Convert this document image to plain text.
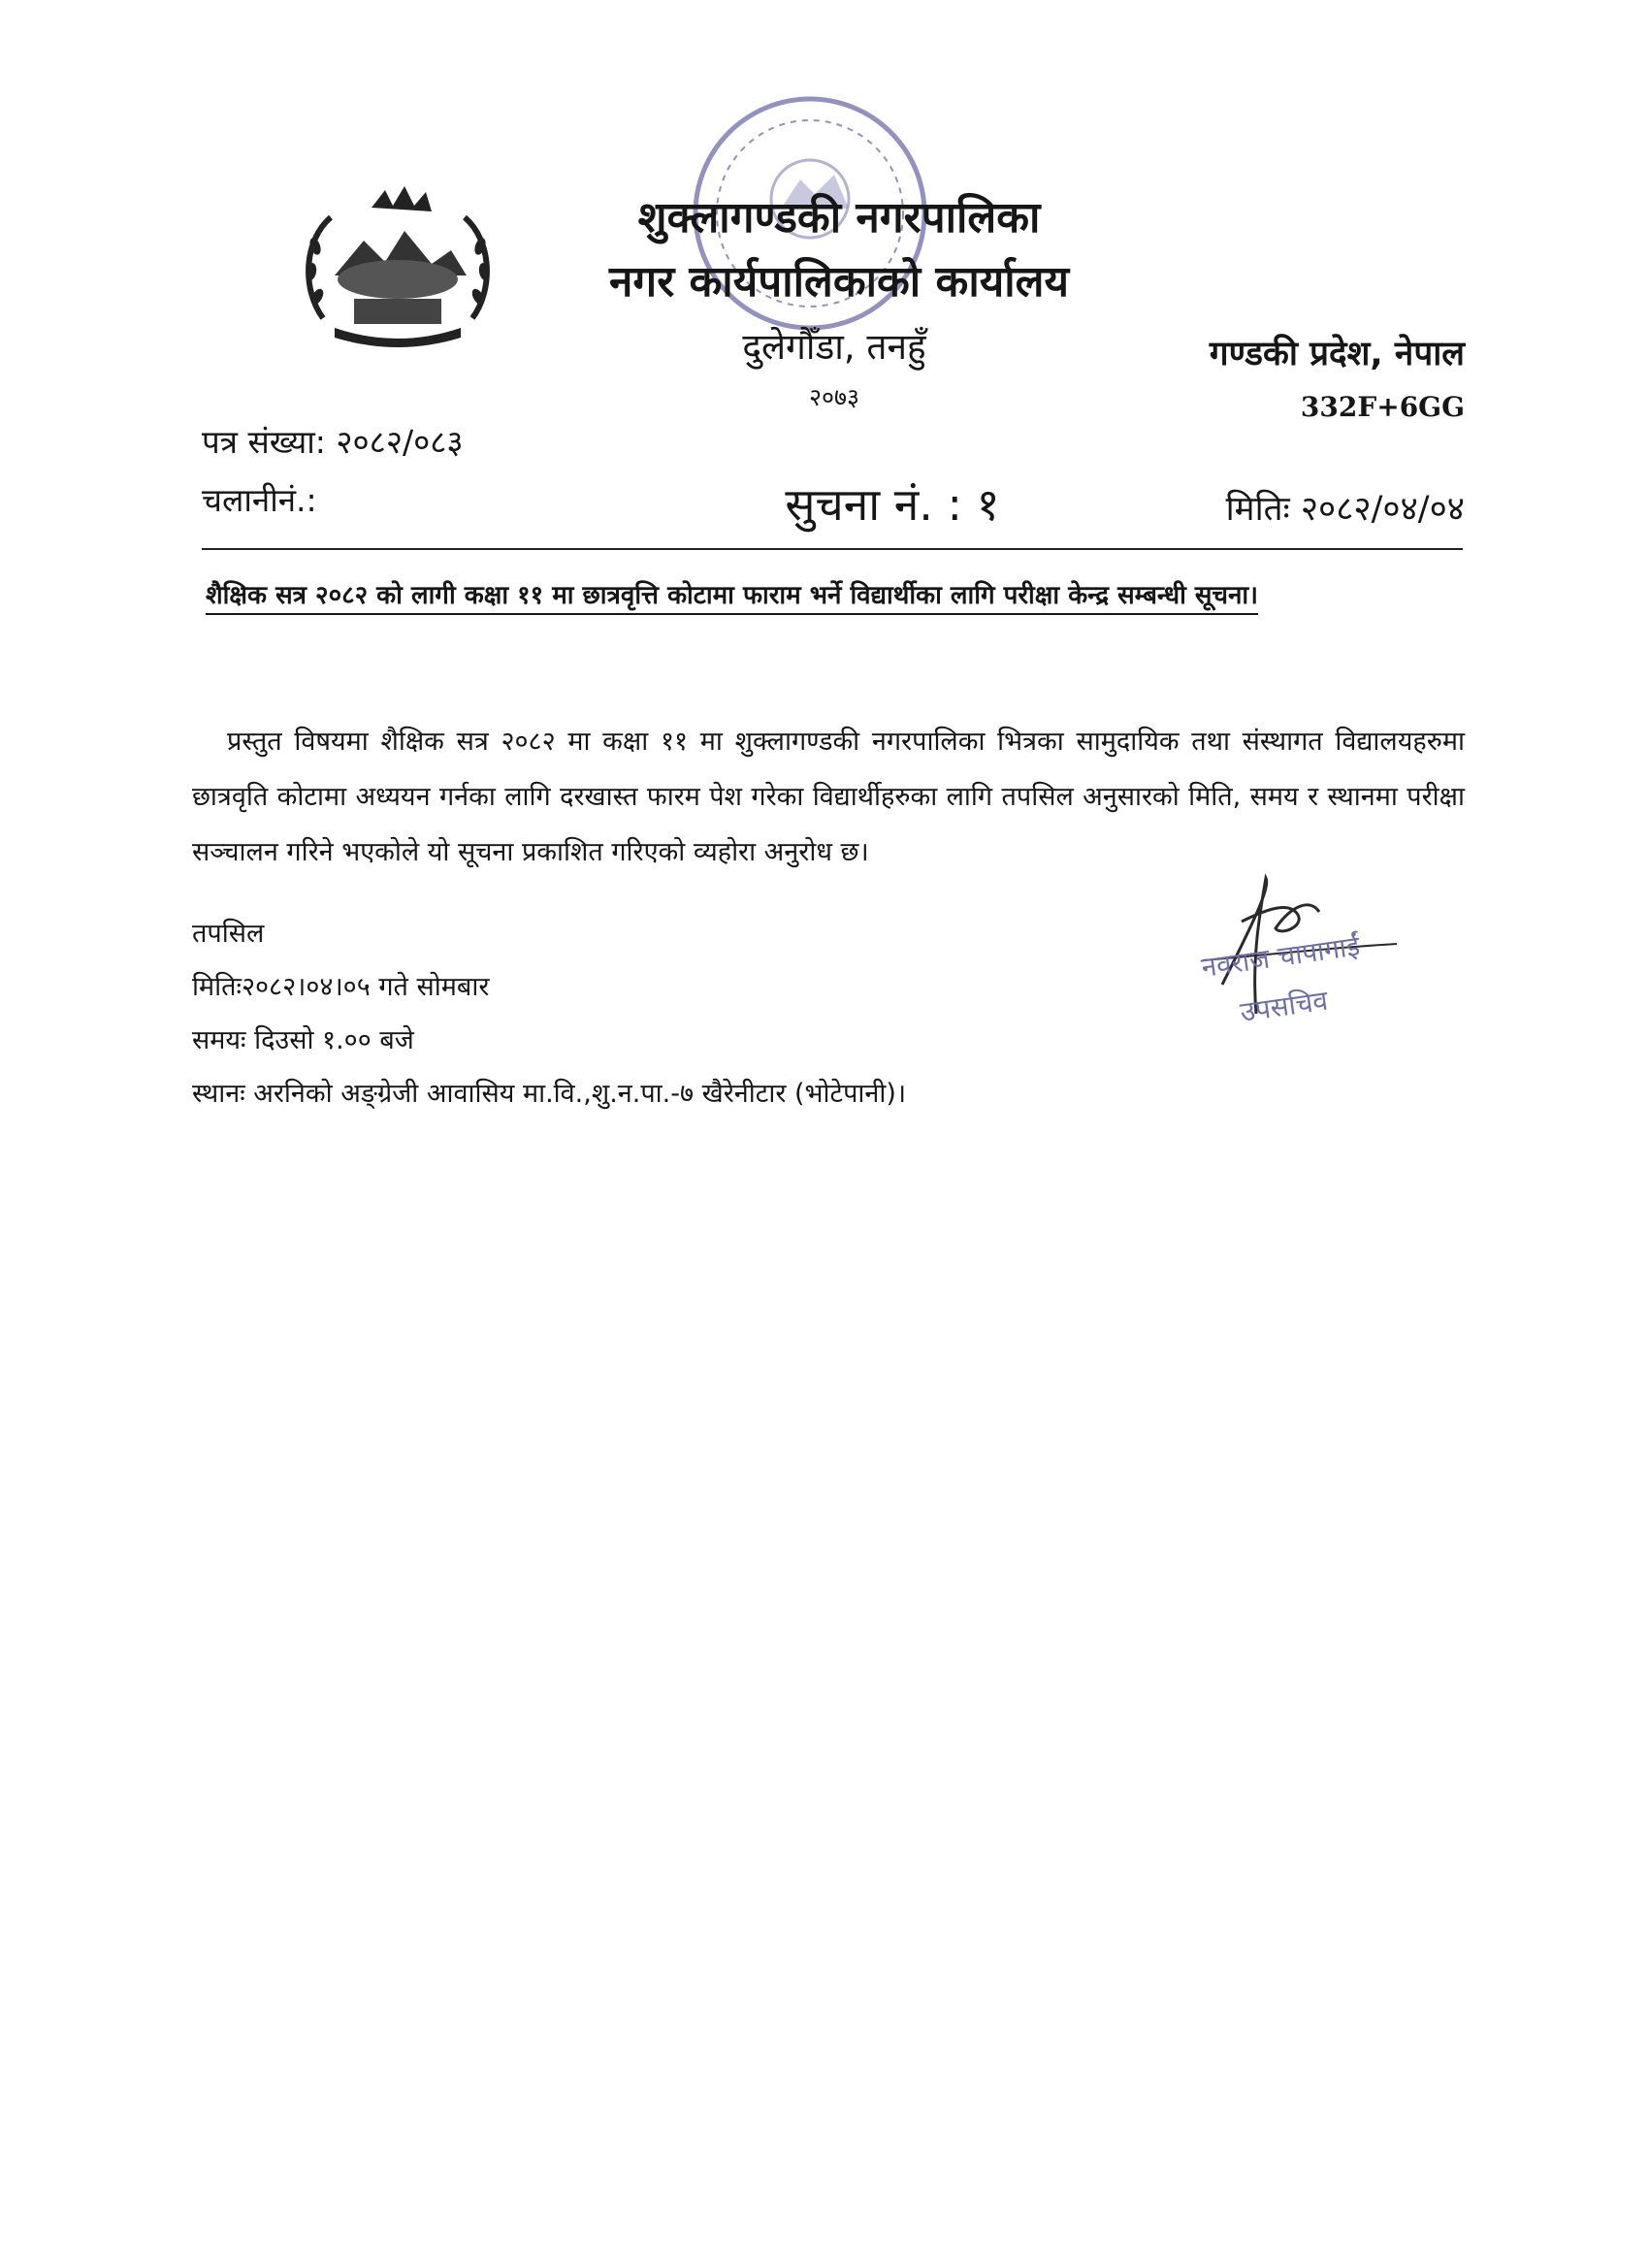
शुक्लागण्डकी नगरपालिका
नगर कार्यपालिकाको कार्यालय
दुलेगौँडा, तनहुँ
२०७३
गण्डकी प्रदेश, नेपाल
332F+6GG
पत्र संख्या: २०८२/०८३
चलानीनं.:	सुचना नं. : १	मितिः २०८२/०४/०४
शैक्षिक सत्र २०८२ को लागी कक्षा ११ मा छात्रवृत्ति कोटामा फाराम भर्ने विद्यार्थीका लागि परीक्षा केन्द्र सम्बन्धी सूचना।
प्रस्तुत विषयमा शैक्षिक सत्र २०८२ मा कक्षा ११ मा शुक्लागण्डकी नगरपालिका भित्रका सामुदायिक तथा संस्थागत विद्यालयहरुमा छात्रवृति कोटामा अध्ययन गर्नका लागि दरखास्त फारम पेश गरेका विद्यार्थीहरुका लागि तपसिल अनुसारको मिति, समय र स्थानमा परीक्षा सञ्चालन गरिने भएकोले यो सूचना प्रकाशित गरिएको व्यहोरा अनुरोध छ।
तपसिल
मितिः२०८२।०४।०५ गते सोमबार
समयः दिउसो १.०० बजे
स्थानः अरनिको अङ्ग्रेजी आवासिय मा.वि.,शु.न.पा.-७ खैरेनीटार (भोटेपानी)।
नवराज चापागाईं
उपसचिव
